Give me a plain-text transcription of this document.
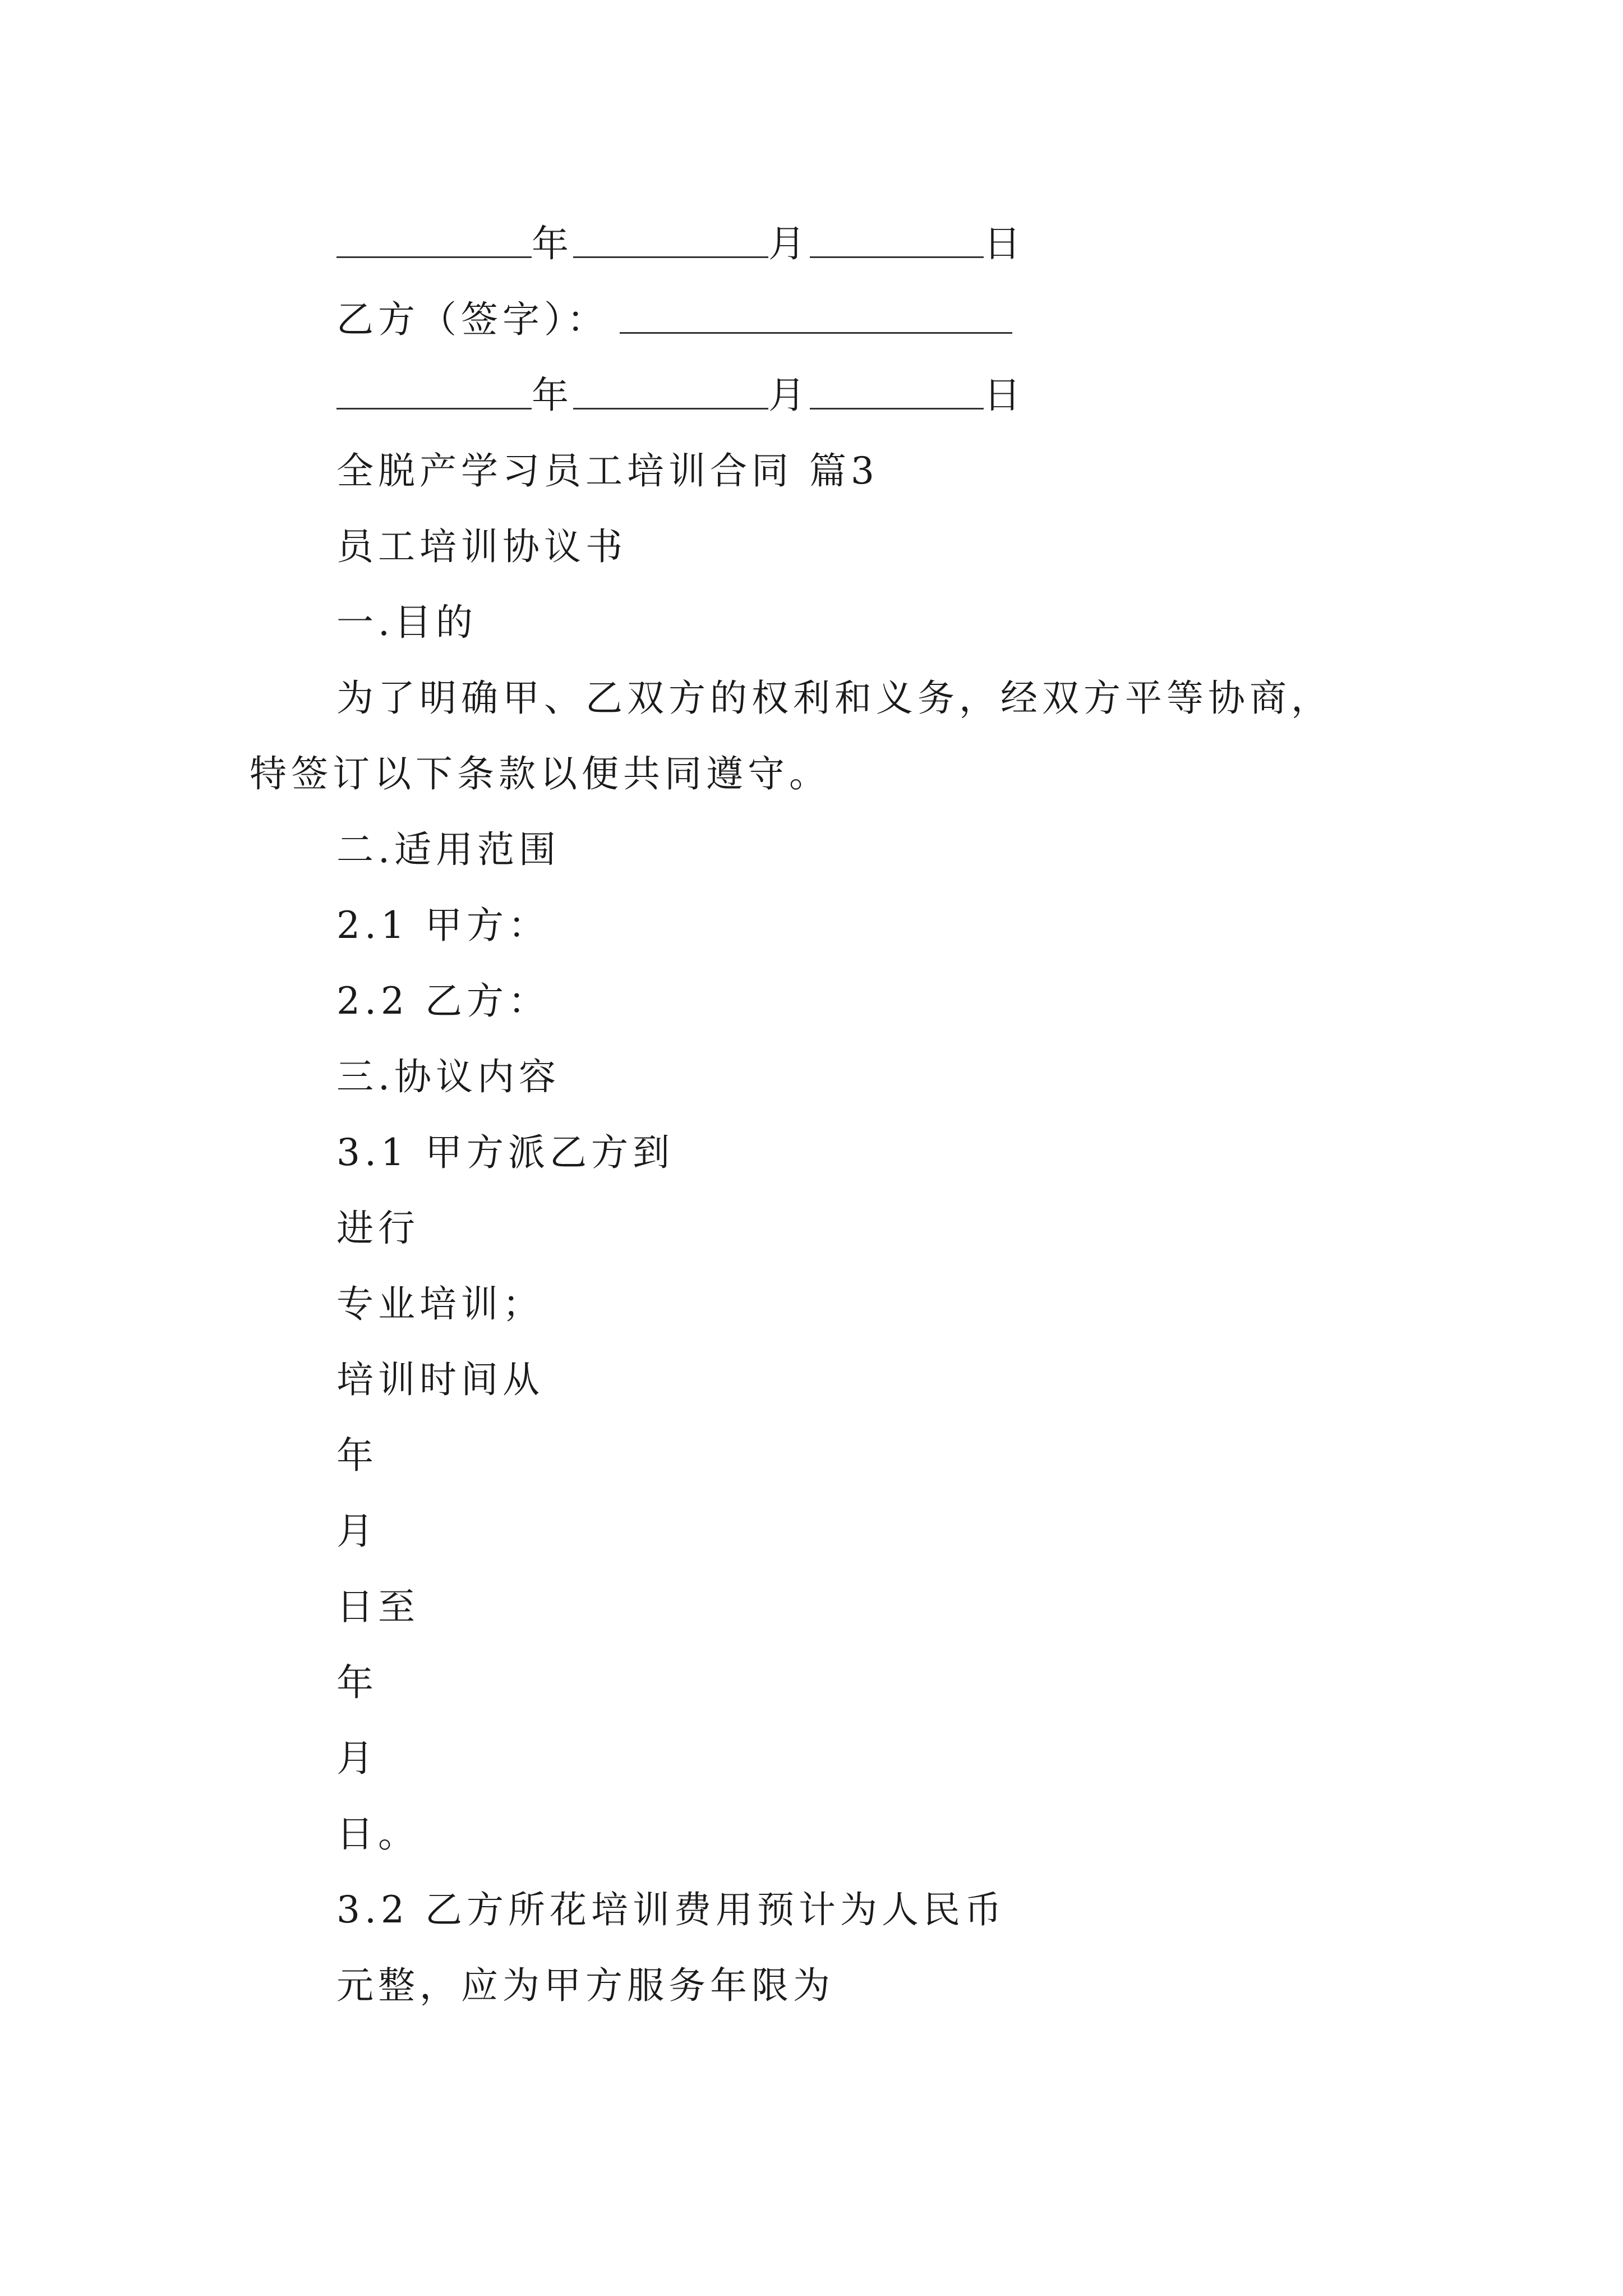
年	月	日
乙方（签字）：
年	月	日
全脱产学习员工培训合同 篇3
员工培训协议书
一.目的
为了明确甲、乙双方的权利和义务，经双方平等协商，
特签订以下条款以便共同遵守。
二.适用范围
2.1 甲方：
2.2 乙方：
三.协议内容
3.1 甲方派乙方到
进行
专业培训；
培训时间从
年
月
日至
年
月
日。
3.2 乙方所花培训费用预计为人民币
元整，应为甲方服务年限为
